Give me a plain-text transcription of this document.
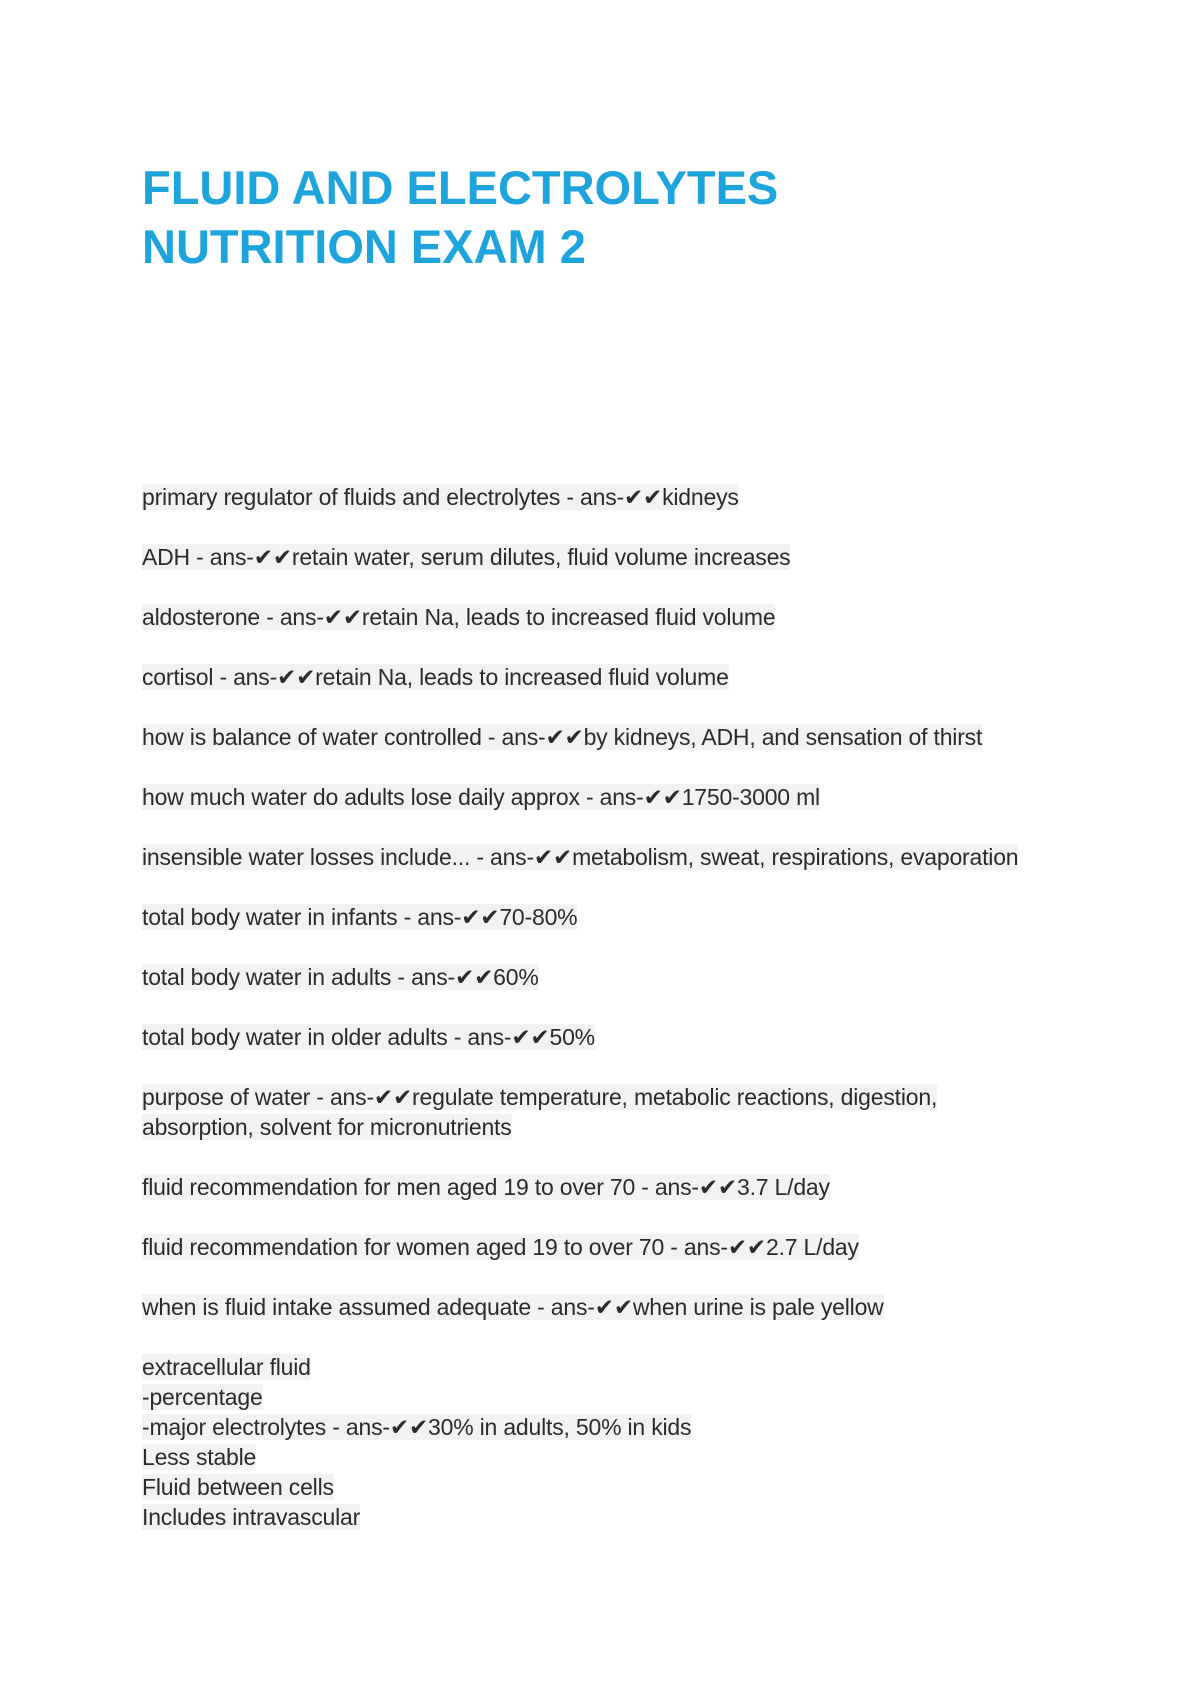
FLUID AND ELECTROLYTES
NUTRITION EXAM 2
primary regulator of fluids and electrolytes - ans-✔✔kidneys
ADH - ans-✔✔retain water, serum dilutes, fluid volume increases
aldosterone - ans-✔✔retain Na, leads to increased fluid volume
cortisol - ans-✔✔retain Na, leads to increased fluid volume
how is balance of water controlled - ans-✔✔by kidneys, ADH, and sensation of thirst
how much water do adults lose daily approx - ans-✔✔1750-3000 ml
insensible water losses include... - ans-✔✔metabolism, sweat, respirations, evaporation
total body water in infants - ans-✔✔70-80%
total body water in adults - ans-✔✔60%
total body water in older adults - ans-✔✔50%
purpose of water - ans-✔✔regulate temperature, metabolic reactions, digestion,
absorption, solvent for micronutrients
fluid recommendation for men aged 19 to over 70 - ans-✔✔3.7 L/day
fluid recommendation for women aged 19 to over 70 - ans-✔✔2.7 L/day
when is fluid intake assumed adequate - ans-✔✔when urine is pale yellow
extracellular fluid
-percentage
-major electrolytes - ans-✔✔30% in adults, 50% in kids
Less stable
Fluid between cells
Includes intravascular
